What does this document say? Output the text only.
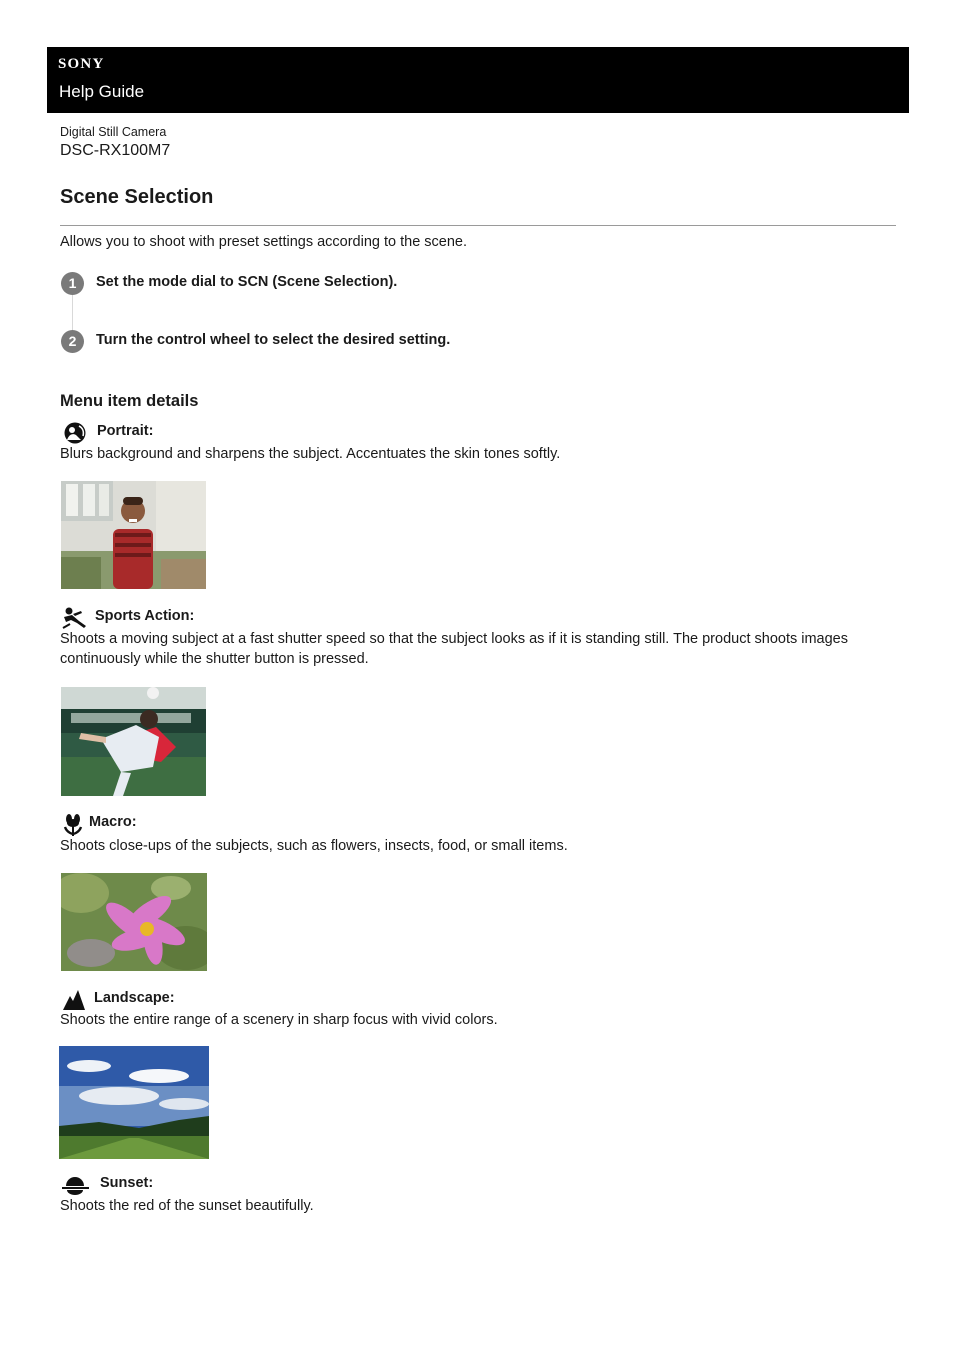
SONY
Help Guide
Digital Still Camera
DSC-RX100M7
Scene Selection
Allows you to shoot with preset settings according to the scene.
1	Set the mode dial to SCN (Scene Selection).
2	Turn the control wheel to select the desired setting.
Menu item details
Portrait:
Blurs background and sharpens the subject. Accentuates the skin tones softly.
Sports Action:
Shoots a moving subject at a fast shutter speed so that the subject looks as if it is standing still. The product shoots images continuously while the shutter button is pressed.
Macro:
Shoots close-ups of the subjects, such as flowers, insects, food, or small items.
Landscape:
Shoots the entire range of a scenery in sharp focus with vivid colors.
Sunset:
Shoots the red of the sunset beautifully.
